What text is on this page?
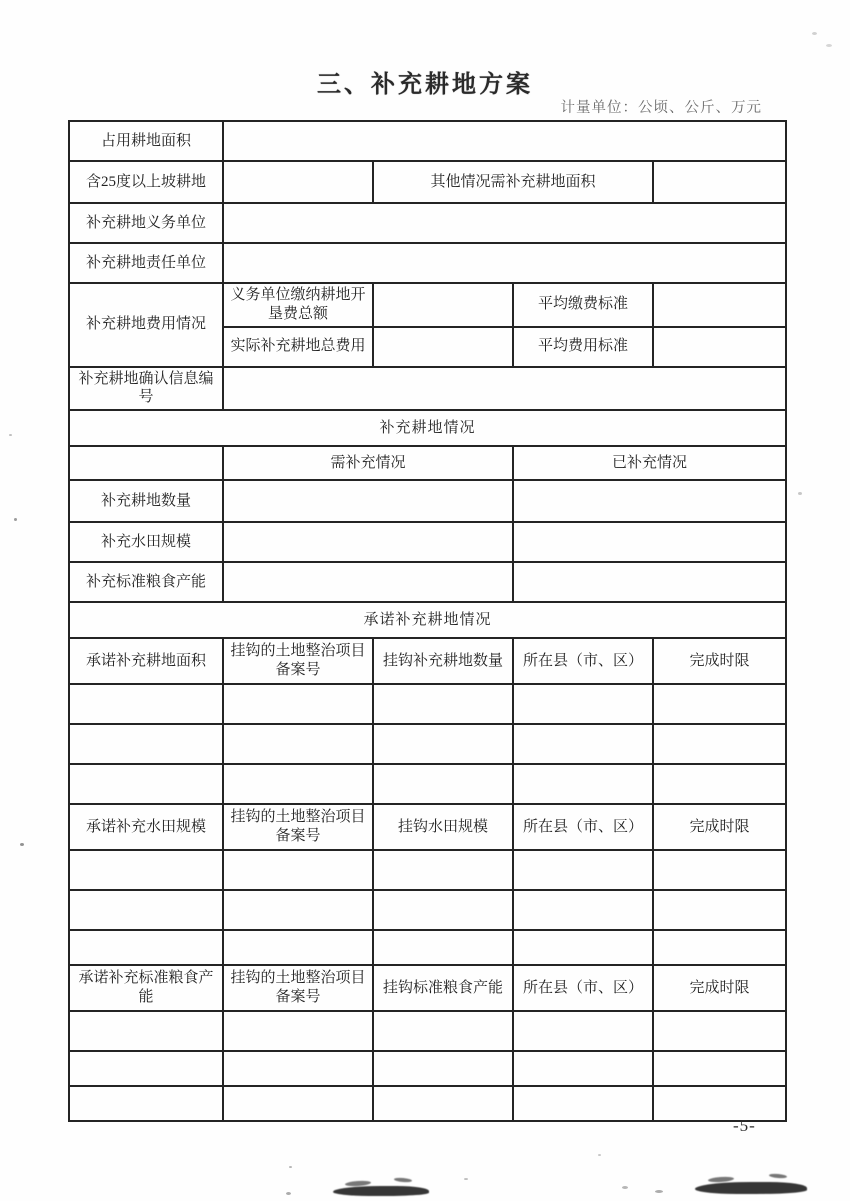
三、补充耕地方案
计量单位：公顷、公斤、万元
占用耕地面积				
含25度以上坡耕地		其他情况需补充耕地面积		
补充耕地义务单位				
补充耕地责任单位				
补充耕地费用情况	义务单位缴纳耕地开垦费总额		平均缴费标准	
	实际补充耕地总费用		平均费用标准	
补充耕地确认信息编号				
补充耕地情况				
	需补充情况		已补充情况	
补充耕地数量				
补充水田规模				
补充标准粮食产能				
承诺补充耕地情况				
承诺补充耕地面积	挂钩的土地整治项目备案号	挂钩补充耕地数量	所在县（市、区）	完成时限

承诺补充水田规模	挂钩的土地整治项目备案号	挂钩水田规模	所在县（市、区）	完成时限

承诺补充标准粮食产能	挂钩的土地整治项目备案号	挂钩标准粮食产能	所在县（市、区）	完成时限

-5-
